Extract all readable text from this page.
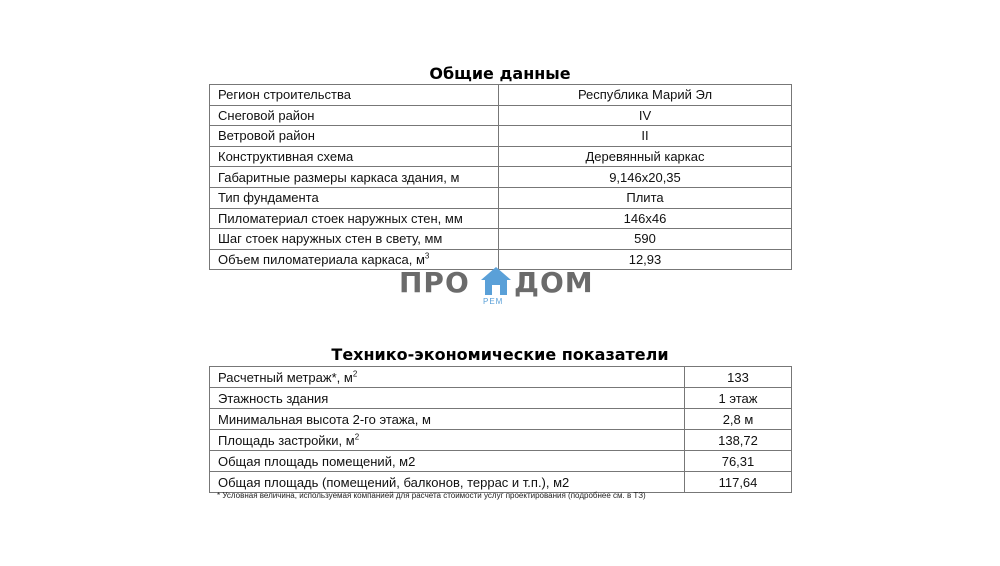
Общие данные
Регион строительства	Республика Марий Эл
Снеговой район	IV
Ветровой район	II
Конструктивная схема	Деревянный каркас
Габаритные размеры каркаса здания, м	9,146х20,35
Тип фундамента	Плита
Пиломатериал стоек наружных стен, мм	146х46
Шаг стоек наружных стен в свету, мм	590
Объем пиломатериала каркаса, $м^3$	12,93
ПРО ДОМ
РЕМ
Технико-экономические показатели
Расчетный метраж*, $м^2$	133
Этажность здания	1 этаж
Минимальная высота 2-го этажа, м	2,8 м
Площадь застройки, $м^2$	138,72
Общая площадь помещений, м2	76,31
Общая площадь (помещений, балконов, террас и т.п.), м2	117,64
* Условная величина, используемая компанией для расчета стоимости услуг проектирования (подробнее см. в ТЗ)
